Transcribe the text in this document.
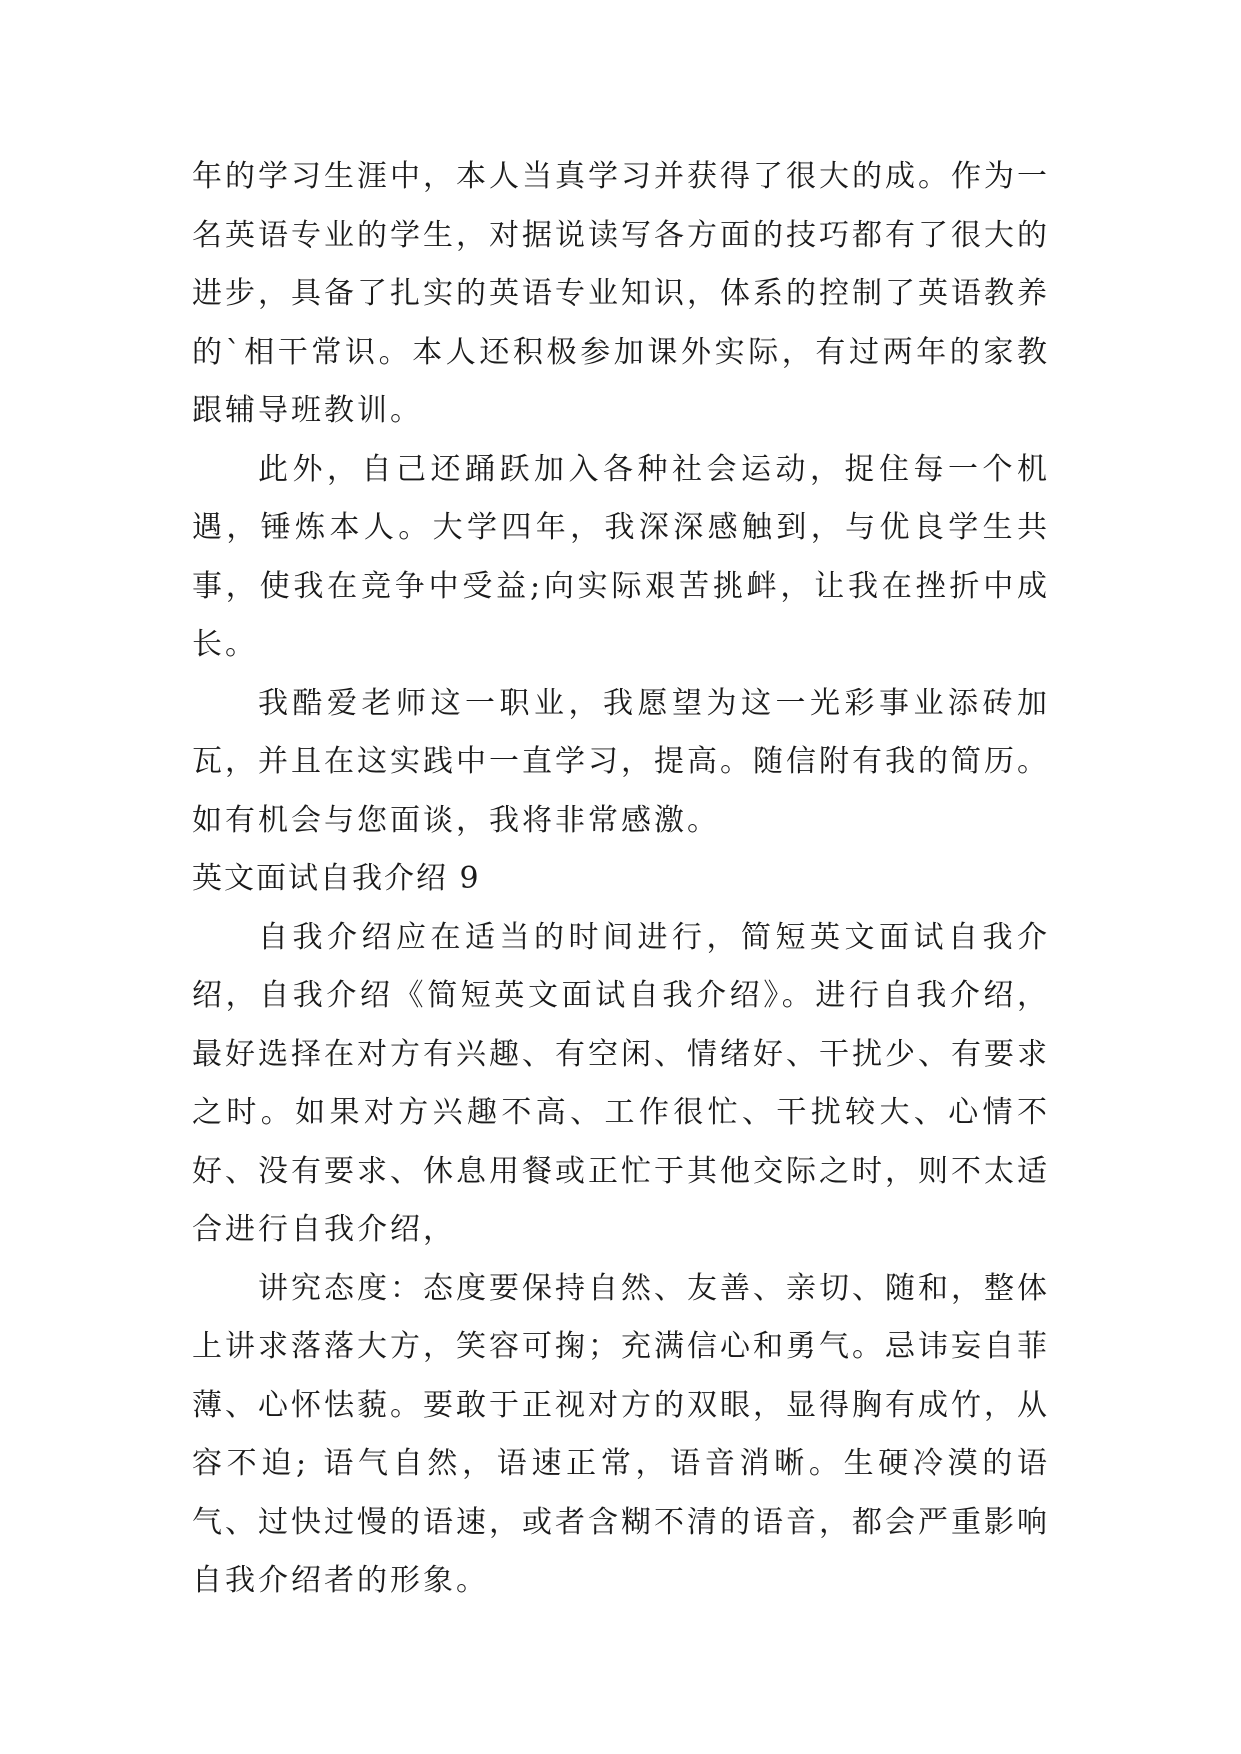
年的学习生涯中，本人当真学习并获得了很大的成。作为一名英语专业的学生，对据说读写各方面的技巧都有了很大的进步，具备了扎实的英语专业知识，体系的控制了英语教养的`相干常识。本人还积极参加课外实际，有过两年的家教跟辅导班教训。

此外，自己还踊跃加入各种社会运动，捉住每一个机遇，锤炼本人。大学四年，我深深感触到，与优良学生共事，使我在竞争中受益;向实际艰苦挑衅，让我在挫折中成长。

我酷爱老师这一职业，我愿望为这一光彩事业添砖加瓦，并且在这实践中一直学习，提高。随信附有我的简历。如有机会与您面谈，我将非常感激。

英文面试自我介绍 9

自我介绍应在适当的时间进行，简短英文面试自我介绍，自我介绍《简短英文面试自我介绍》。进行自我介绍，最好选择在对方有兴趣、有空闲、情绪好、干扰少、有要求之时。如果对方兴趣不高、工作很忙、干扰较大、心情不好、没有要求、休息用餐或正忙于其他交际之时，则不太适合进行自我介绍，

讲究态度：态度要保持自然、友善、亲切、随和，整体上讲求落落大方，笑容可掬；充满信心和勇气。忌讳妄自菲薄、心怀怯藐。要敢于正视对方的双眼，显得胸有成竹，从容不迫; 语气自然，语速正常，语音消晰。生硬冷漠的语气、过快过慢的语速，或者含糊不清的语音，都会严重影响自我介绍者的形象。
